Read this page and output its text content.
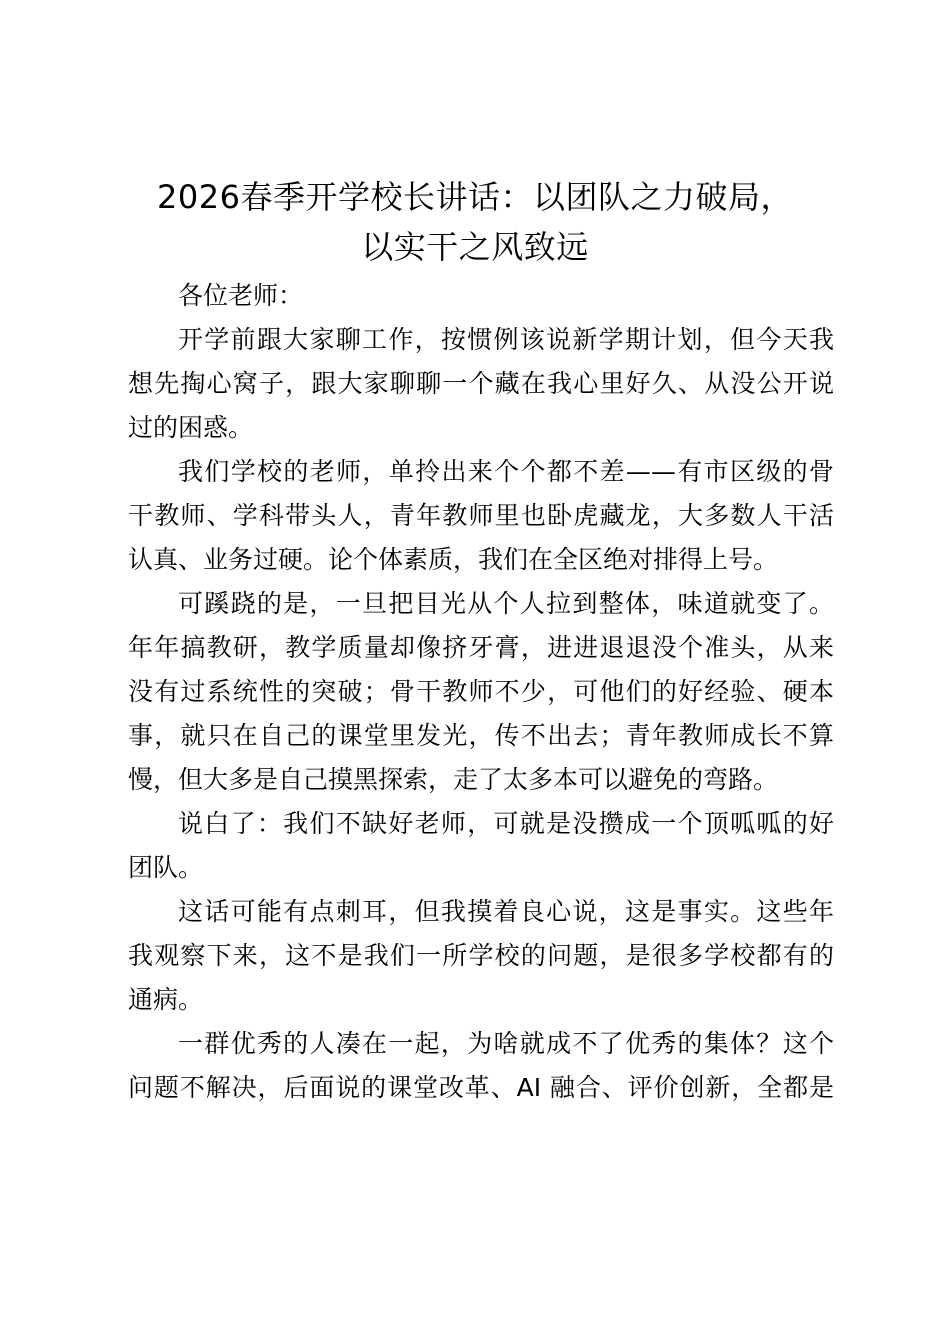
2026春季开学校长讲话：以团队之力破局，
以实干之风致远
各位老师：
开学前跟大家聊工作，按惯例该说新学期计划，但今天我
想先掏心窝子，跟大家聊聊一个藏在我心里好久、从没公开说
过的困惑。
我们学校的老师，单拎出来个个都不差——有市区级的骨
干教师、学科带头人，青年教师里也卧虎藏龙，大多数人干活
认真、业务过硬。论个体素质，我们在全区绝对排得上号。
可蹊跷的是，一旦把目光从个人拉到整体，味道就变了。
年年搞教研，教学质量却像挤牙膏，进进退退没个准头，从来
没有过系统性的突破；骨干教师不少，可他们的好经验、硬本
事，就只在自己的课堂里发光，传不出去；青年教师成长不算
慢，但大多是自己摸黑探索，走了太多本可以避免的弯路。
说白了：我们不缺好老师，可就是没攒成一个顶呱呱的好
团队。
这话可能有点刺耳，但我摸着良心说，这是事实。这些年
我观察下来，这不是我们一所学校的问题，是很多学校都有的
通病。
一群优秀的人凑在一起，为啥就成不了优秀的集体？这个
问题不解决，后面说的课堂改革、AI 融合、评价创新，全都是
